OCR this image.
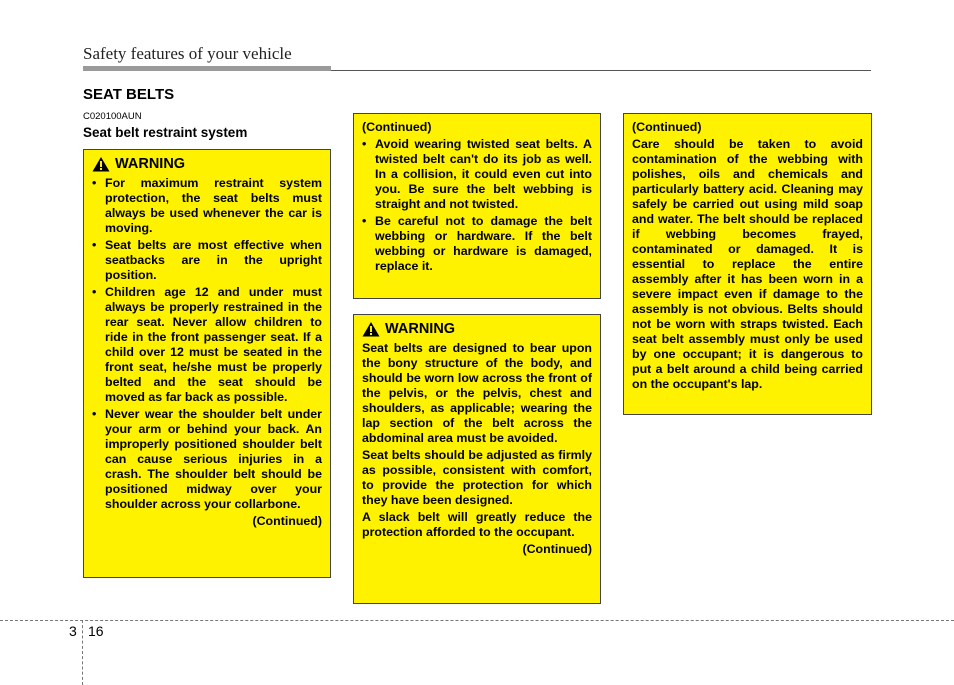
Safety features of your vehicle
SEAT BELTS
C020100AUN
Seat belt restraint system
WARNING
• For maximum restraint system protection, the seat belts must always be used whenever the car is moving.
• Seat belts are most effective when seatbacks are in the upright position.
• Children age 12 and under must always be properly restrained in the rear seat. Never allow children to ride in the front passenger seat. If a child over 12 must be seated in the front seat, he/she must be properly belted and the seat should be moved as far back as possible.
• Never wear the shoulder belt under your arm or behind your back. An improperly positioned shoulder belt can cause serious injuries in a crash. The shoulder belt should be positioned midway over your shoulder across your collarbone.
(Continued)
(Continued)
• Avoid wearing twisted seat belts. A twisted belt can't do its job as well. In a collision, it could even cut into you. Be sure the belt webbing is straight and not twisted.
• Be careful not to damage the belt webbing or hardware. If the belt webbing or hardware is damaged, replace it.
WARNING

Seat belts are designed to bear upon the bony structure of the body, and should be worn low across the front of the pelvis, or the pelvis, chest and shoulders, as applicable; wearing the lap section of the belt across the abdominal area must be avoided.

Seat belts should be adjusted as firmly as possible, consistent with comfort, to provide the protection for which they have been designed.

A slack belt will greatly reduce the protection afforded to the occupant.

(Continued)
(Continued)

Care should be taken to avoid contamination of the webbing with polishes, oils and chemicals and particularly battery acid. Cleaning may safely be carried out using mild soap and water. The belt should be replaced if webbing becomes frayed, contaminated or damaged. It is essential to replace the entire assembly after it has been worn in a severe impact even if damage to the assembly is not obvious. Belts should not be worn with straps twisted. Each seat belt assembly must only be used by one occupant; it is dangerous to put a belt around a child being carried on the occupant's lap.

3 16
